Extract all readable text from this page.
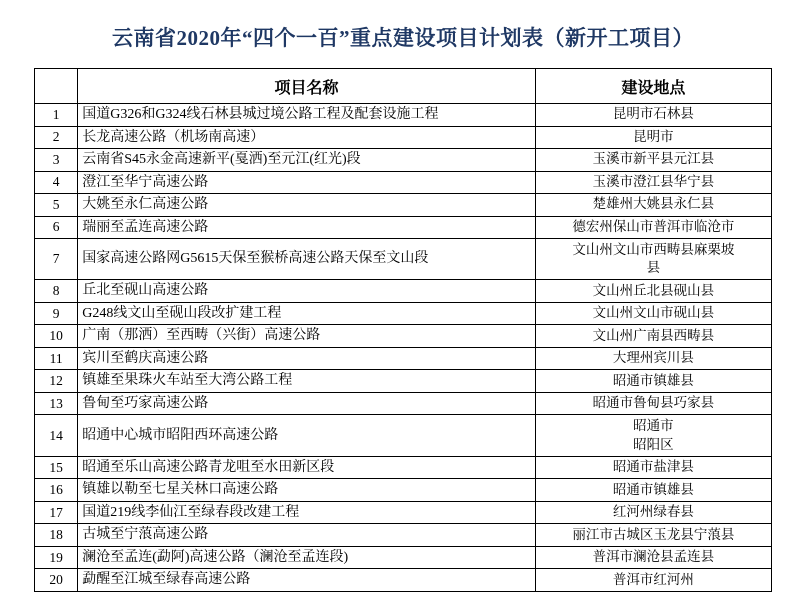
云南省2020年“四个一百”重点建设项目计划表（新开工项目）
	项目名称	建设地点
1	国道G326和G324线石林县城过境公路工程及配套设施工程	昆明市石林县
2	长龙高速公路（机场南高速）	昆明市
3	云南省S45永金高速新平(戛洒)至元江(红光)段	玉溪市新平县元江县
4	澄江至华宁高速公路	玉溪市澄江县华宁县
5	大姚至永仁高速公路	楚雄州大姚县永仁县
6	瑞丽至孟连高速公路	德宏州保山市普洱市临沧市
7	国家高速公路网G5615天保至猴桥高速公路天保至文山段	文山州文山市西畴县麻栗坡
县

8	丘北至砚山高速公路	文山州丘北县砚山县
9	G248线文山至砚山段改扩建工程	文山州文山市砚山县
10	广南（那洒）至西畴（兴街）高速公路	文山州广南县西畴县
11	宾川至鹤庆高速公路	大理州宾川县
12	镇雄至果珠火车站至大湾公路工程	昭通市镇雄县
13	鲁甸至巧家高速公路	昭通市鲁甸县巧家县
14	昭通中心城市昭阳西环高速公路	昭通市
昭阳区

15	昭通至乐山高速公路青龙咀至水田新区段	昭通市盐津县
16	镇雄以勒至七星关林口高速公路	昭通市镇雄县
17	国道219线李仙江至绿春段改建工程	红河州绿春县
18	古城至宁蒗高速公路	丽江市古城区玉龙县宁蒗县
19	澜沧至孟连(勐阿)高速公路（澜沧至孟连段)	普洱市澜沧县孟连县
20	勐醒至江城至绿春高速公路	普洱市红河州
